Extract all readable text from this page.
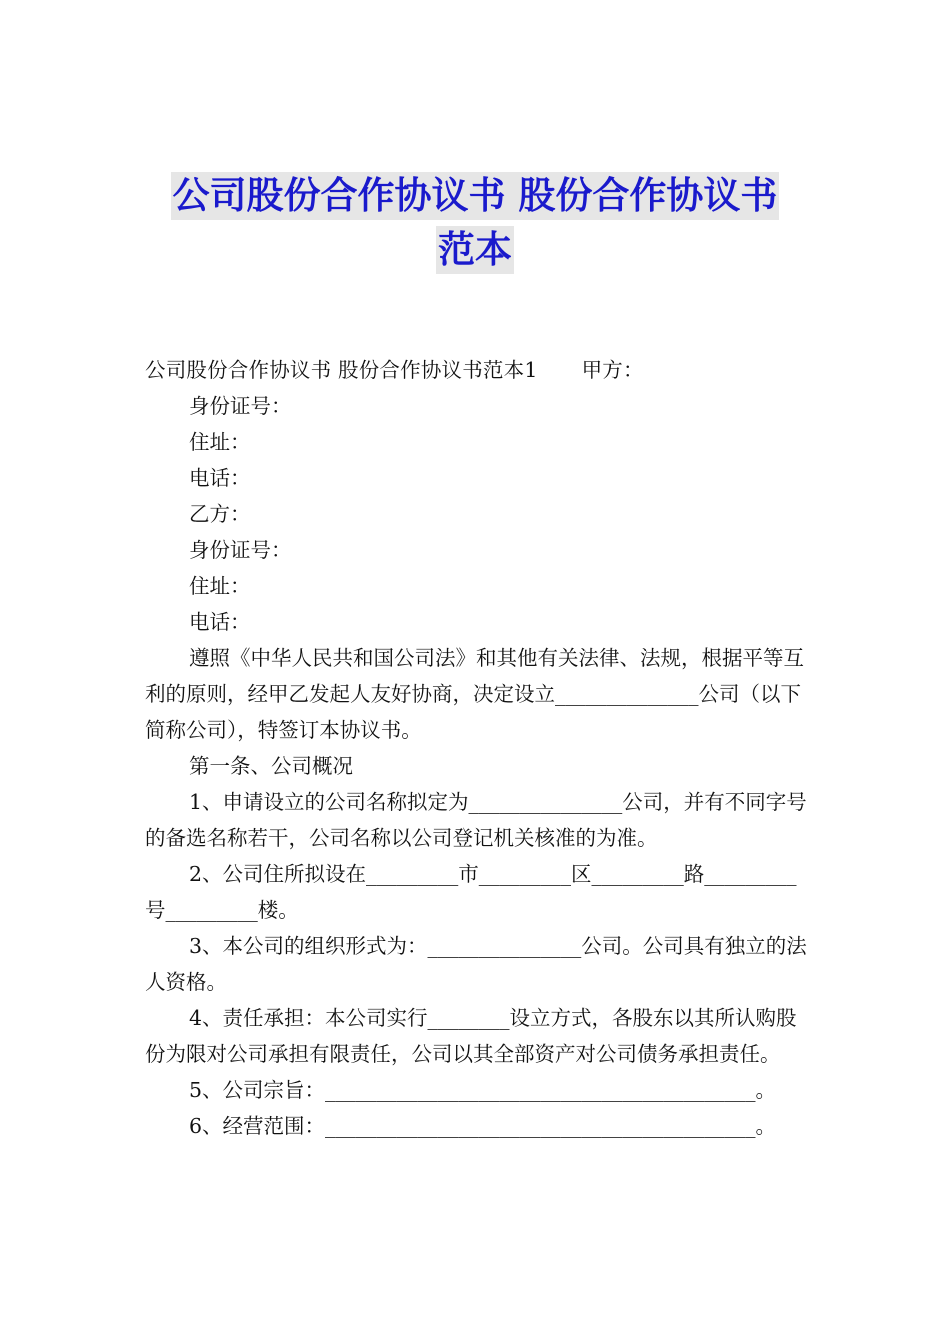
公司股份合作协议书 股份合作协议书
范本

公司股份合作协议书 股份合作协议书范本1 甲方：

身份证号：

住址：

电话：

乙方：

身份证号：

住址：

电话：

遵照《中华人民共和国公司法》和其他有关法律、法规，根据平等互利的原则，经甲乙发起人友好协商，决定设立______________公司（以下简称公司），特签订本协议书。

第一条、公司概况

1、申请设立的公司名称拟定为_______________公司，并有不同字号的备选名称若干，公司名称以公司登记机关核准的为准。

2、公司住所拟设在_________市_________区_________路_________号_________楼。

3、本公司的组织形式为：_______________公司。公司具有独立的法人资格。

4、责任承担：本公司实行________设立方式，各股东以其所认购股份为限对公司承担有限责任，公司以其全部资产对公司债务承担责任。

5、公司宗旨：__________________________________________。

6、经营范围：__________________________________________。
